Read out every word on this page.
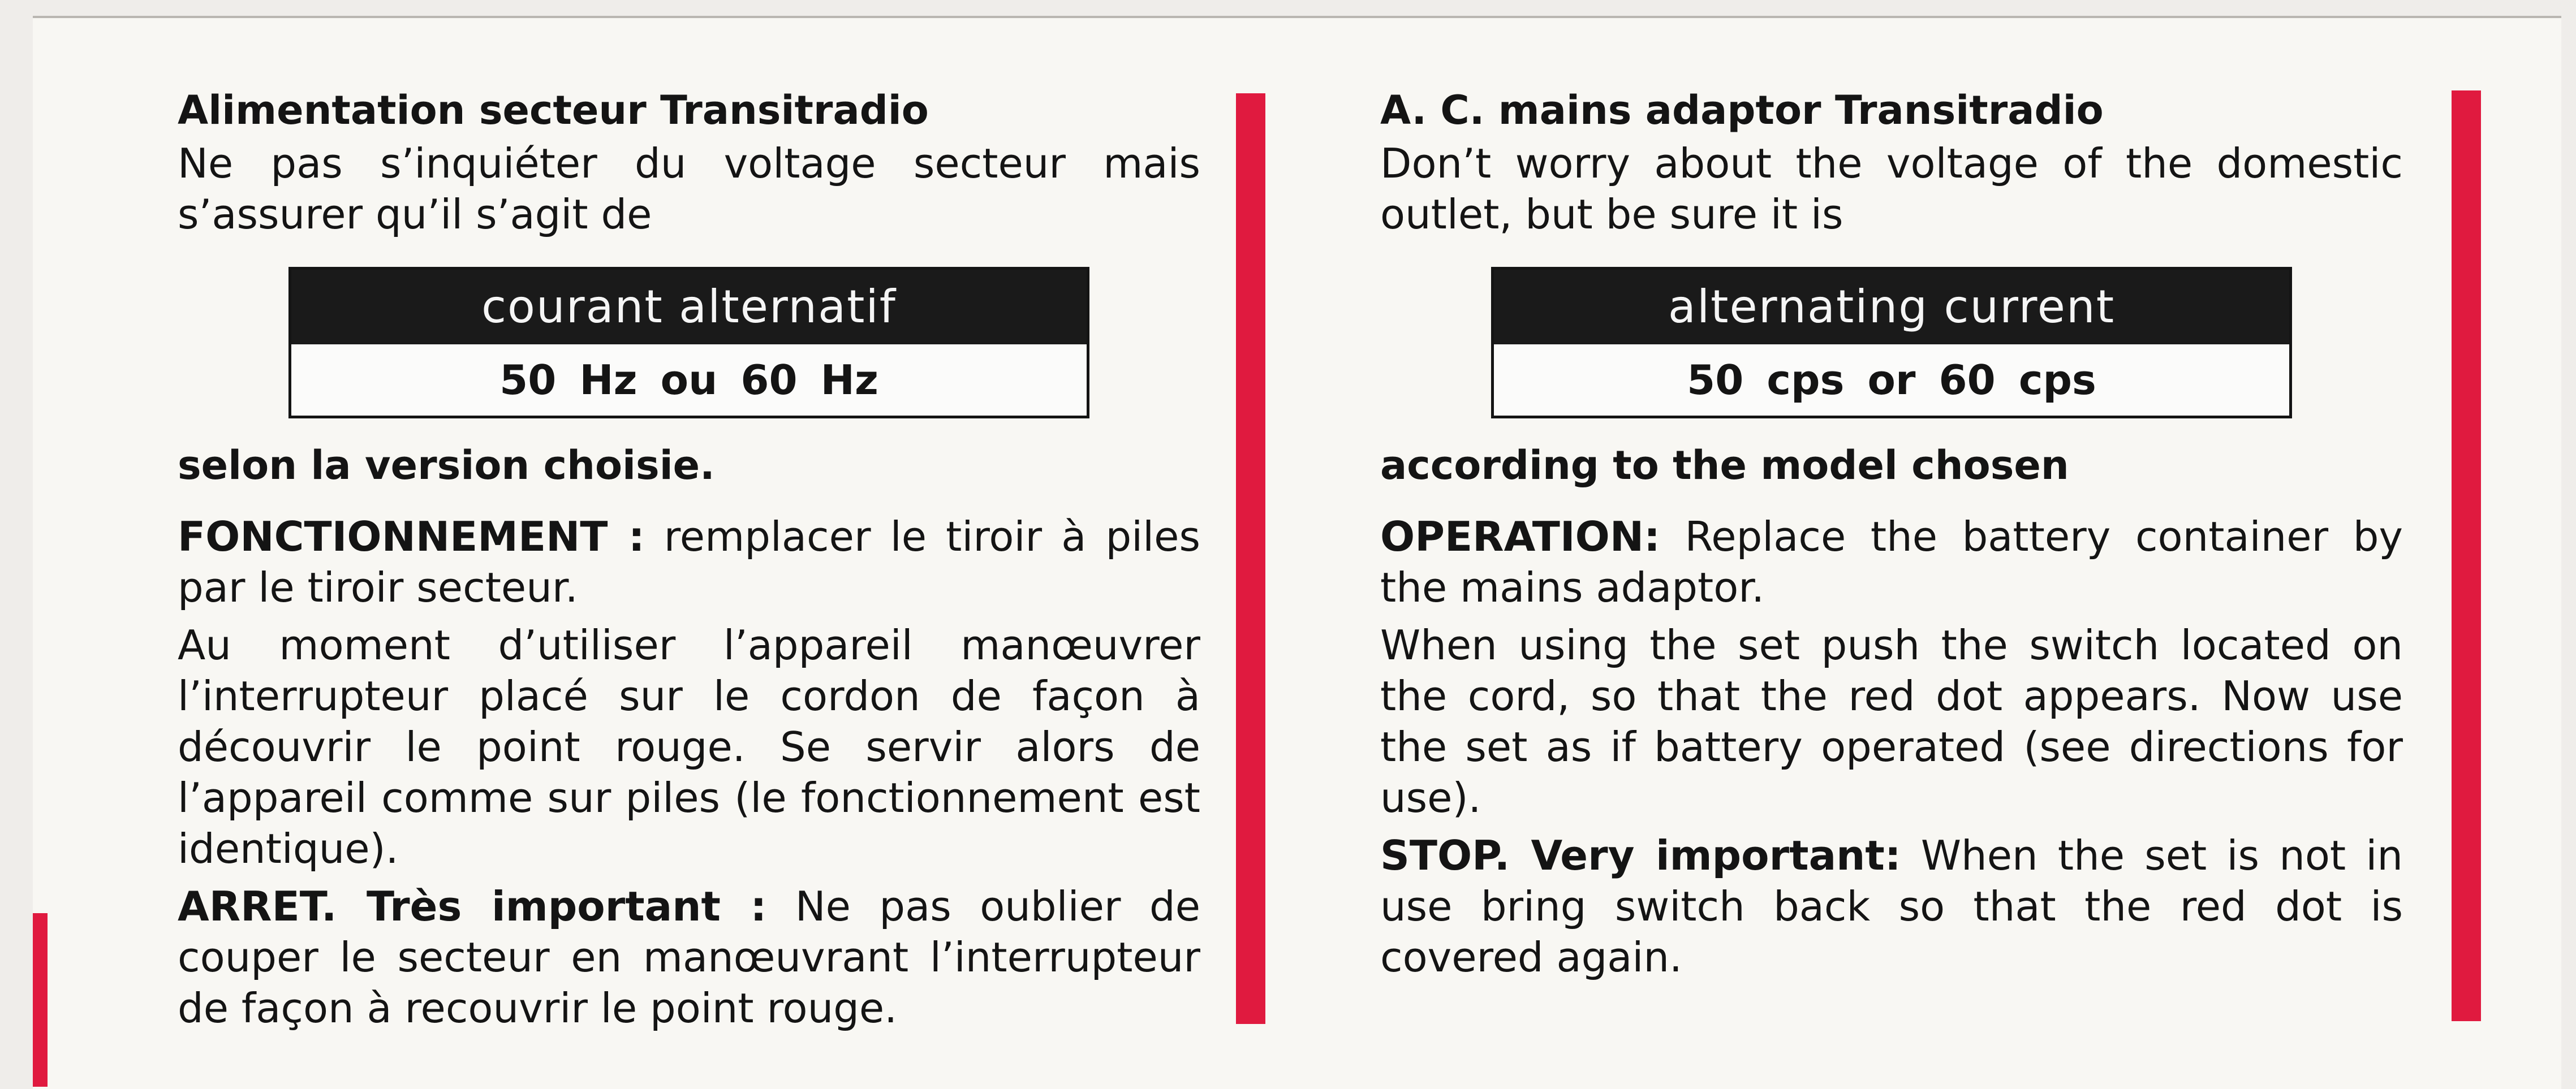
Alimentation secteur Transitradio

Ne pas s’inquiéter du voltage secteur mais s’assurer qu’il s’agit de

courant alternatif
50 Hz ou 60 Hz

selon la version choisie.

FONCTIONNEMENT : remplacer le tiroir à piles par le tiroir secteur.

Au moment d’utiliser l’appareil manœuvrer l’interrupteur placé sur le cordon de façon à découvrir le point rouge. Se servir alors de l’appareil comme sur piles (le fonctionnement est identique).

ARRET. Très important : Ne pas oublier de couper le secteur en manœuvrant l’interrupteur de façon à recouvrir le point rouge.

A. C. mains adaptor Transitradio

Don’t worry about the voltage of the domestic outlet, but be sure it is

alternating current
50 cps or 60 cps

according to the model chosen

OPERATION: Replace the battery container by the mains adaptor.

When using the set push the switch located on the cord, so that the red dot appears. Now use the set as if battery operated (see directions for use).

STOP. Very important: When the set is not in use bring switch back so that the red dot is covered again.
